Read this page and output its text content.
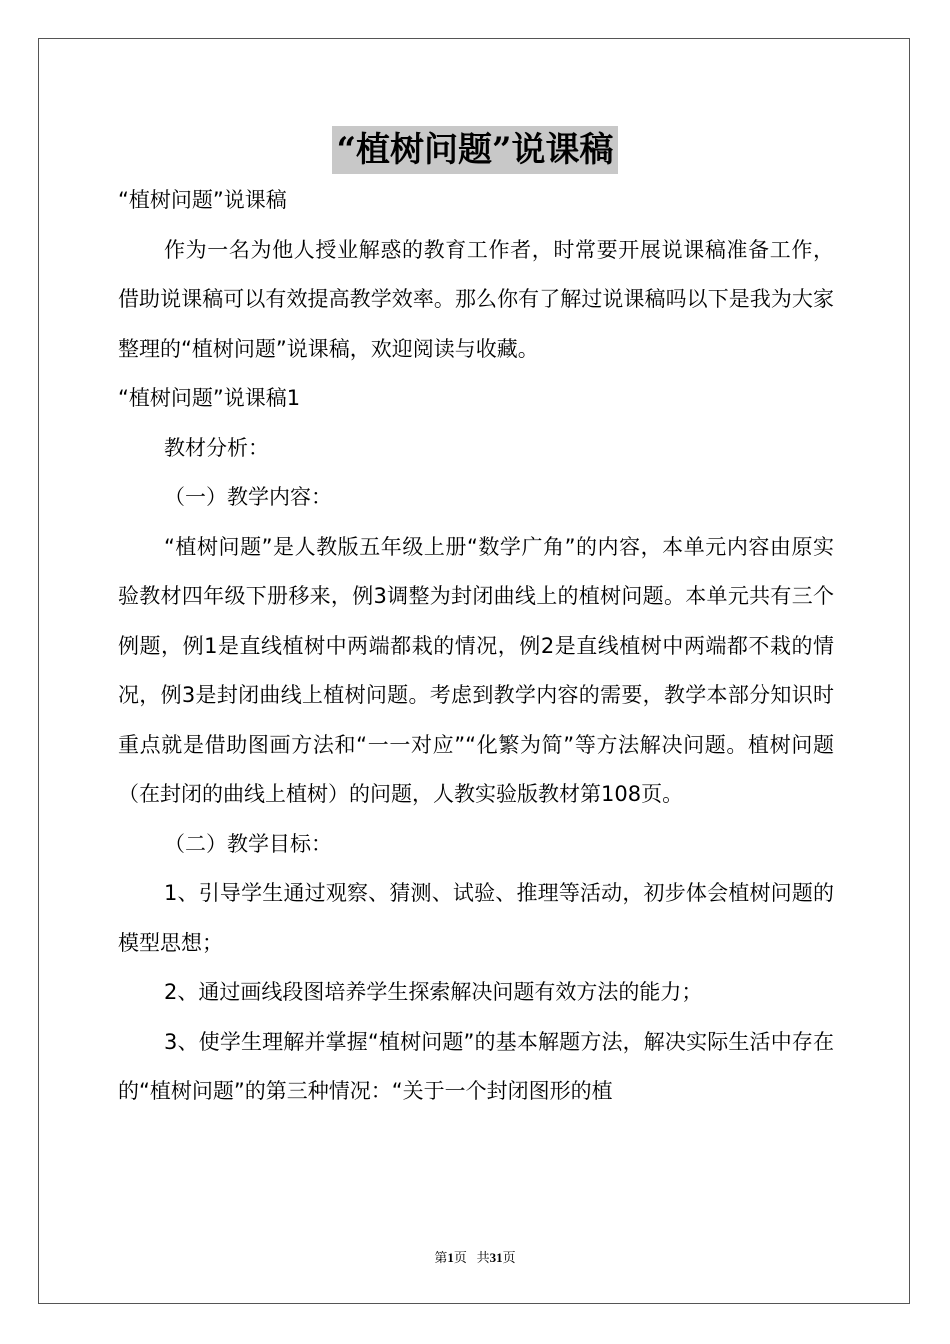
“植树问题”说课稿

“植树问题”说课稿

作为一名为他人授业解惑的教育工作者，时常要开展说课稿准备工作，借助说课稿可以有效提高教学效率。那么你有了解过说课稿吗以下是我为大家整理的“植树问题”说课稿，欢迎阅读与收藏。

“植树问题”说课稿1

教材分析：

（一）教学内容：

“植树问题”是人教版五年级上册“数学广角”的内容，本单元内容由原实验教材四年级下册移来，例3调整为封闭曲线上的植树问题。本单元共有三个例题，例1是直线植树中两端都栽的情况，例2是直线植树中两端都不栽的情况，例3是封闭曲线上植树问题。考虑到教学内容的需要，教学本部分知识时重点就是借助图画方法和“一一对应”“化繁为简”等方法解决问题。植树问题（在封闭的曲线上植树）的问题，人教实验版教材第108页。

（二）教学目标：

1、引导学生通过观察、猜测、试验、推理等活动，初步体会植树问题的模型思想；

2、通过画线段图培养学生探索解决问题有效方法的能力；

3、使学生理解并掌握“植树问题”的基本解题方法，解决实际生活中存在的“植树问题”的第三种情况：“关于一个封闭图形的植

第1页 共31页
